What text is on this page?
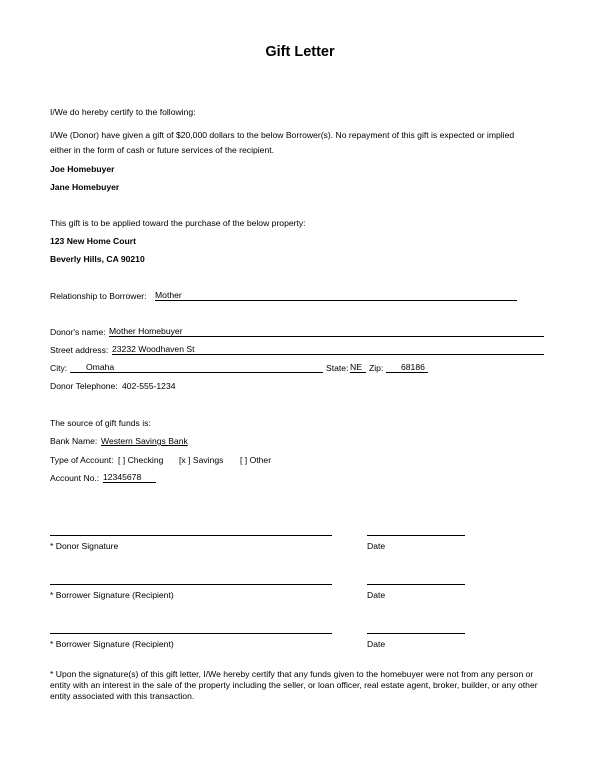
Gift Letter
I/We do hereby certify to the following:
I/We (Donor) have given a gift of $20,000 dollars to the below Borrower(s). No repayment of this gift is expected or implied
either in the form of cash or future services of the recipient.
Joe Homebuyer
Jane Homebuyer
This gift is to be applied toward the purchase of the below property:
123 New Home Court
Beverly Hills, CA 90210
Relationship to Borrower: Mother
Donor's name: Mother Homebuyer
Street address: 23232 Woodhaven St
City:	Omaha	State: NE Zip:	68186
Donor Telephone: 402-555-1234
The source of gift funds is:
Bank Name: Western Savings Bank
Type of Account: [ ] Checking [x ] Savings [ ] Other
Account No.: 12345678
* Donor Signature	Date
* Borrower Signature (Recipient)	Date
* Borrower Signature (Recipient)	Date
* Upon the signature(s) of this gift letter, I/We hereby certify that any funds given to the homebuyer were not from any person or entity with an interest in the sale of the property including the seller, or loan officer, real estate agent, broker, builder, or any other entity associated with this transaction.
